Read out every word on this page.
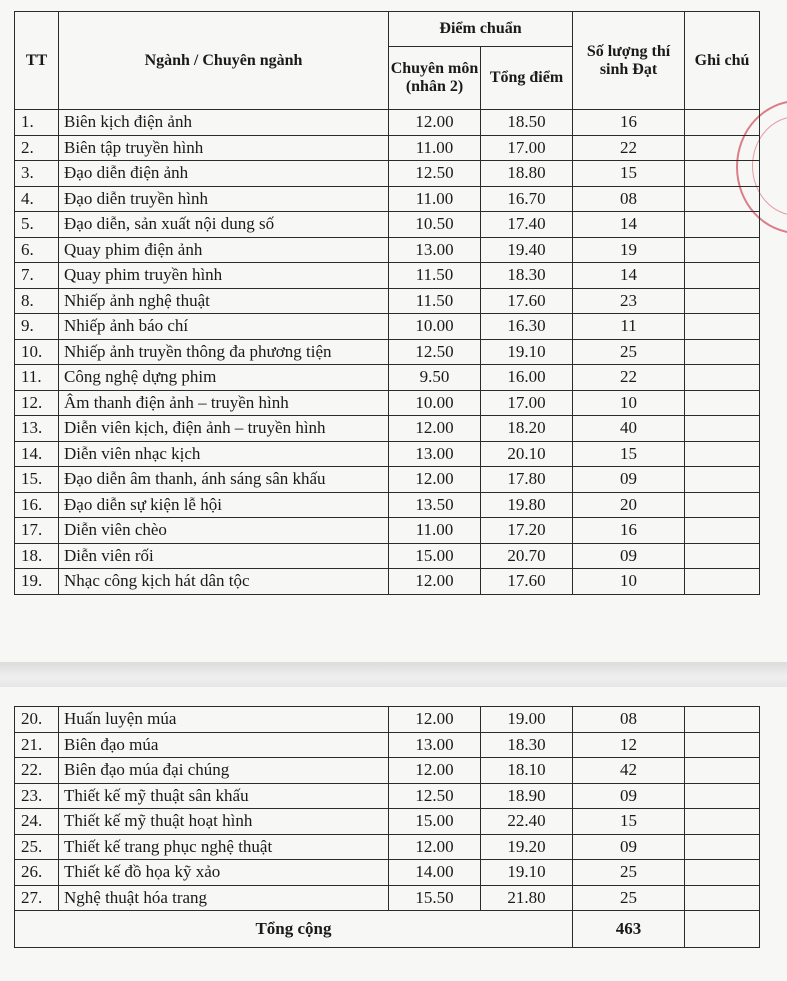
TT	Ngành / Chuyên ngành	Điểm chuẩn		Số lượng thí sinh Đạt	Ghi chú
		Chuyên môn (nhân 2)	Tổng điểm		
1.	Biên kịch điện ảnh	12.00	18.50	16	
2.	Biên tập truyền hình	11.00	17.00	22	
3.	Đạo diễn điện ảnh	12.50	18.80	15	
4.	Đạo diễn truyền hình	11.00	16.70	08	
5.	Đạo diễn, sản xuất nội dung số	10.50	17.40	14	
6.	Quay phim điện ảnh	13.00	19.40	19	
7.	Quay phim truyền hình	11.50	18.30	14	
8.	Nhiếp ảnh nghệ thuật	11.50	17.60	23	
9.	Nhiếp ảnh báo chí	10.00	16.30	11	
10.	Nhiếp ảnh truyền thông đa phương tiện	12.50	19.10	25	
11.	Công nghệ dựng phim	9.50	16.00	22	
12.	Âm thanh điện ảnh – truyền hình	10.00	17.00	10	
13.	Diễn viên kịch, điện ảnh – truyền hình	12.00	18.20	40	
14.	Diễn viên nhạc kịch	13.00	20.10	15	
15.	Đạo diễn âm thanh, ánh sáng sân khấu	12.00	17.80	09	
16.	Đạo diễn sự kiện lễ hội	13.50	19.80	20	
17.	Diễn viên chèo	11.00	17.20	16	
18.	Diễn viên rối	15.00	20.70	09	
19.	Nhạc công kịch hát dân tộc	12.00	17.60	10	
20.	Huấn luyện múa	12.00	19.00	08	
21.	Biên đạo múa	13.00	18.30	12	
22.	Biên đạo múa đại chúng	12.00	18.10	42	
23.	Thiết kế mỹ thuật sân khấu	12.50	18.90	09	
24.	Thiết kế mỹ thuật hoạt hình	15.00	22.40	15	
25.	Thiết kế trang phục nghệ thuật	12.00	19.20	09	
26.	Thiết kế đồ họa kỹ xảo	14.00	19.10	25	
27.	Nghệ thuật hóa trang	15.50	21.80	25	
Tổng cộng				463	
